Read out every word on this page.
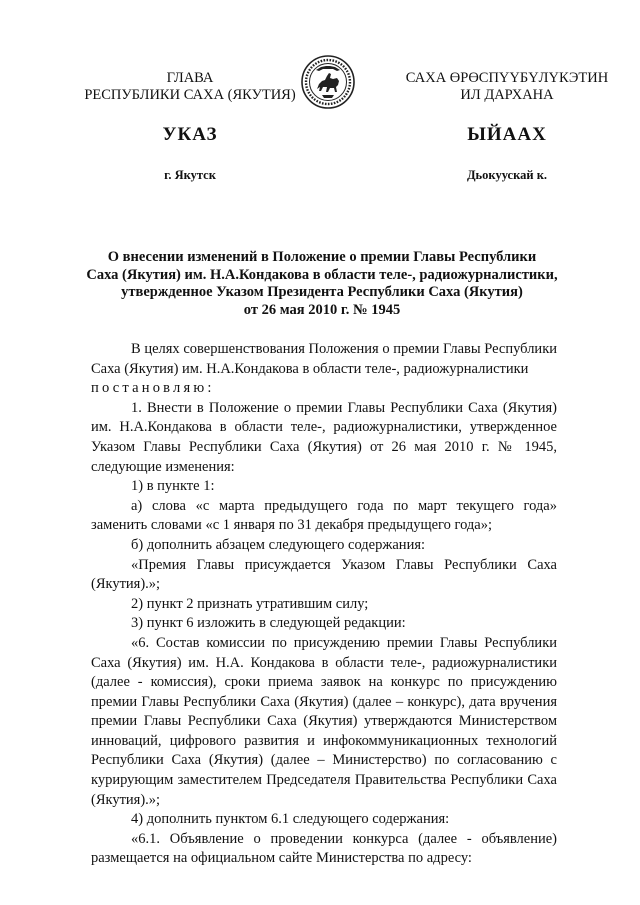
ГЛАВА
РЕСПУБЛИКИ САХА (ЯКУТИЯ)
САХА ӨРӨСПҮҮБҮЛҮКЭТИН
ИЛ ДАРХАНА
УКАЗ	ЫЙААХ
г. Якутск	Дьокуускай к.
О внесении изменений в Положение о премии Главы Республики
Саха (Якутия) им. Н.А.Кондакова в области теле-, радиожурналистики,
утвержденное Указом Президента Республики Саха (Якутия)
от 26 мая 2010 г. № 1945

В целях совершенствования Положения о премии Главы Республики Саха (Якутия) им. Н.А.Кондакова в области теле-, радиожурналистики

постановляю:

1. Внести в Положение о премии Главы Республики Саха (Якутия) им. Н.А.Кондакова в области теле-, радиожурналистики, утвержденное Указом Главы Республики Саха (Якутия) от 26 мая 2010 г. № 1945, следующие изменения:

1) в пункте 1:

а) слова «с марта предыдущего года по март текущего года» заменить словами «с 1 января по 31 декабря предыдущего года»;

б) дополнить абзацем следующего содержания:

«Премия Главы присуждается Указом Главы Республики Саха (Якутия).»;

2) пункт 2 признать утратившим силу;

3) пункт 6 изложить в следующей редакции:

«6. Состав комиссии по присуждению премии Главы Республики Саха (Якутия) им. Н.А. Кондакова в области теле-, радиожурналистики (далее - комиссия), сроки приема заявок на конкурс по присуждению премии Главы Республики Саха (Якутия) (далее – конкурс), дата вручения премии Главы Республики Саха (Якутия) утверждаются Министерством инноваций, цифрового развития и инфокоммуникационных технологий Республики Саха (Якутия) (далее – Министерство) по согласованию с курирующим заместителем Председателя Правительства Республики Саха (Якутия).»;

4) дополнить пунктом 6.1 следующего содержания:

«6.1. Объявление о проведении конкурса (далее - объявление) размещается на официальном сайте Министерства по адресу:
